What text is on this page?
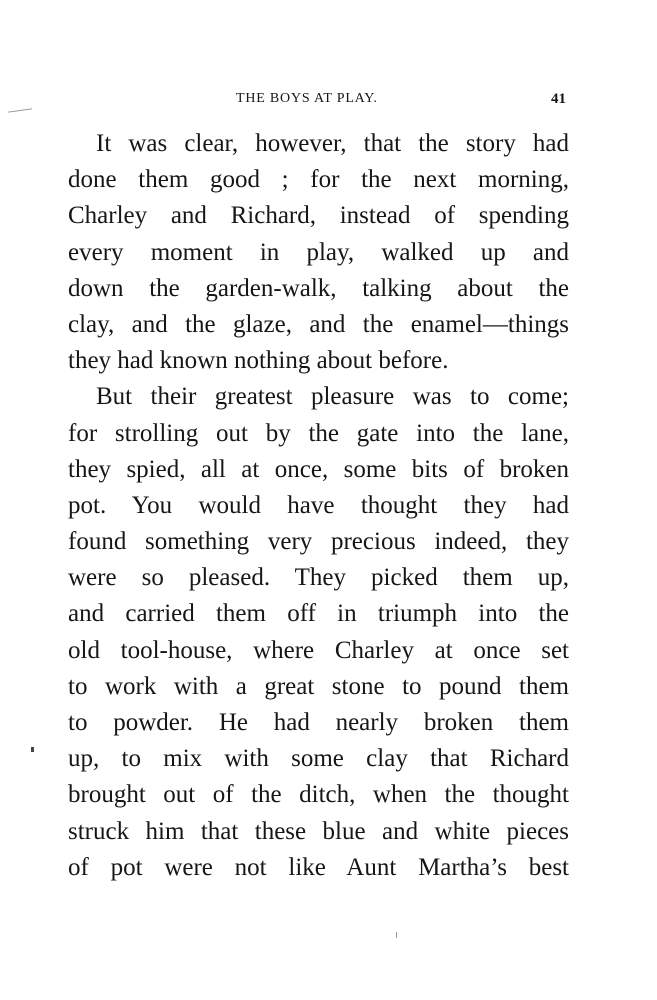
THE BOYS AT PLAY.	41
It was clear, however, that the story had
done them good ; for the next morning,
Charley and Richard, instead of spending
every moment in play, walked up and
down the garden-walk, talking about the
clay, and the glaze, and the enamel—things
they had known nothing about before.
But their greatest pleasure was to come;
for strolling out by the gate into the lane,
they spied, all at once, some bits of broken
pot. You would have thought they had
found something very precious indeed, they
were so pleased. They picked them up,
and carried them off in triumph into the
old tool-house, where Charley at once set
to work with a great stone to pound them
to powder. He had nearly broken them
up, to mix with some clay that Richard
brought out of the ditch, when the thought
struck him that these blue and white pieces
of pot were not like Aunt Martha’s best
